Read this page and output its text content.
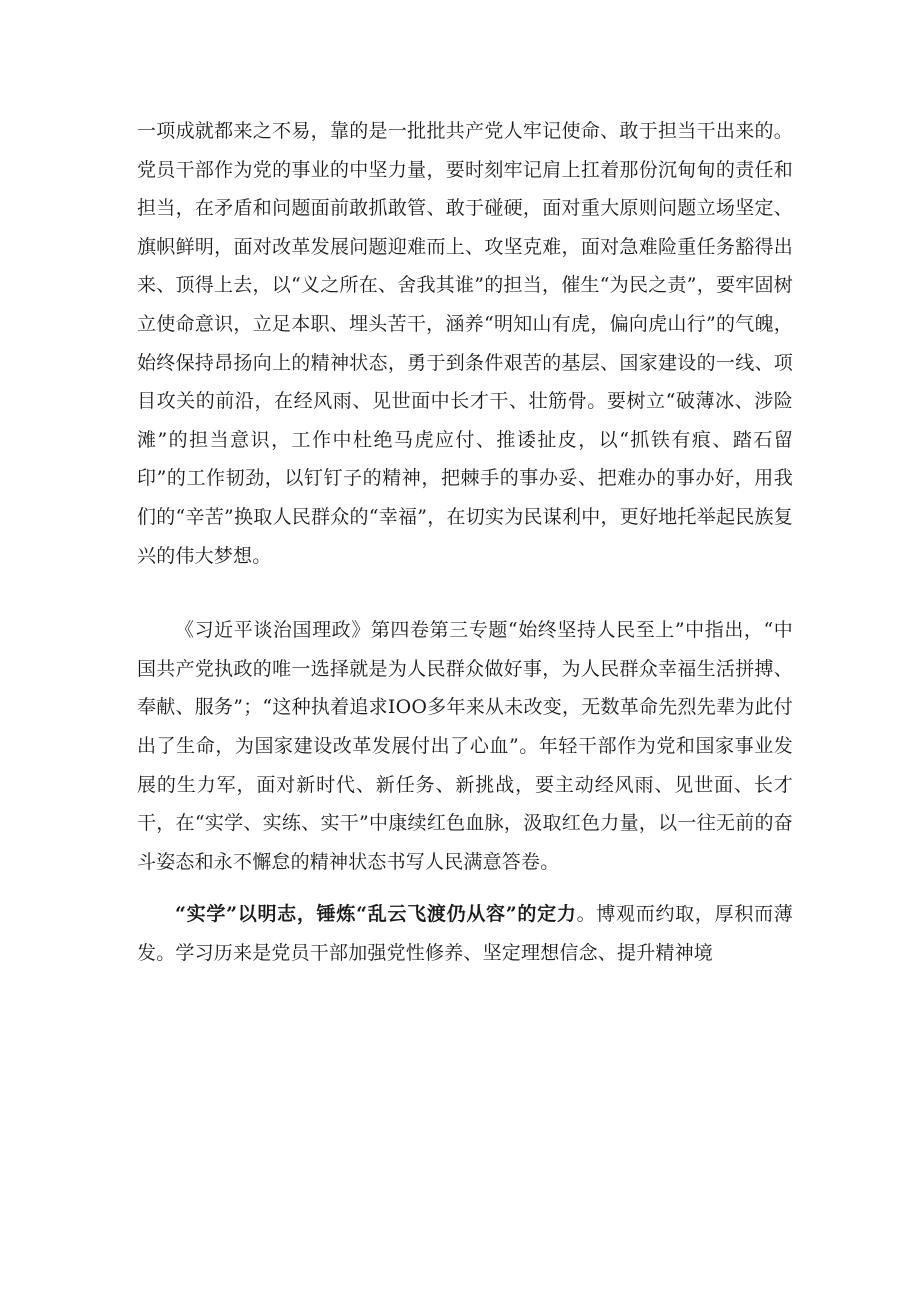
一项成就都来之不易，靠的是一批批共产党人牢记使命、敢于担当干出来的。党员干部作为党的事业的中坚力量，要时刻牢记肩上扛着那份沉甸甸的责任和担当，在矛盾和问题面前敢抓敢管、敢于碰硬，面对重大原则问题立场坚定、旗帜鲜明，面对改革发展问题迎难而上、攻坚克难，面对急难险重任务豁得出来、顶得上去，以“义之所在、舍我其谁”的担当，催生“为民之责”，要牢固树立使命意识，立足本职、埋头苦干，涵养“明知山有虎，偏向虎山行”的气魄，始终保持昂扬向上的精神状态，勇于到条件艰苦的基层、国家建设的一线、项目攻关的前沿，在经风雨、见世面中长才干、壮筋骨。要树立“破薄冰、涉险滩”的担当意识，工作中杜绝马虎应付、推诿扯皮，以“抓铁有痕、踏石留印”的工作韧劲，以钉钉子的精神，把棘手的事办妥、把难办的事办好，用我们的“辛苦”换取人民群众的“幸福”，在切实为民谋利中，更好地托举起民族复兴的伟大梦想。

《习近平谈治国理政》第四卷第三专题“始终坚持人民至上”中指出，“中国共产党执政的唯一选择就是为人民群众做好事，为人民群众幸福生活拼搏、奉献、服务”；“这种执着追求IOO多年来从未改变，无数革命先烈先辈为此付出了生命，为国家建设改革发展付出了心血”。年轻干部作为党和国家事业发展的生力军，面对新时代、新任务、新挑战，要主动经风雨、见世面、长才干，在“实学、实练、实干”中康续红色血脉，汲取红色力量，以一往无前的奋斗姿态和永不懈怠的精神状态书写人民满意答卷。

“实学”以明志，锤炼“乱云飞渡仍从容”的定力。博观而约取，厚积而薄发。学习历来是党员干部加强党性修养、坚定理想信念、提升精神境
